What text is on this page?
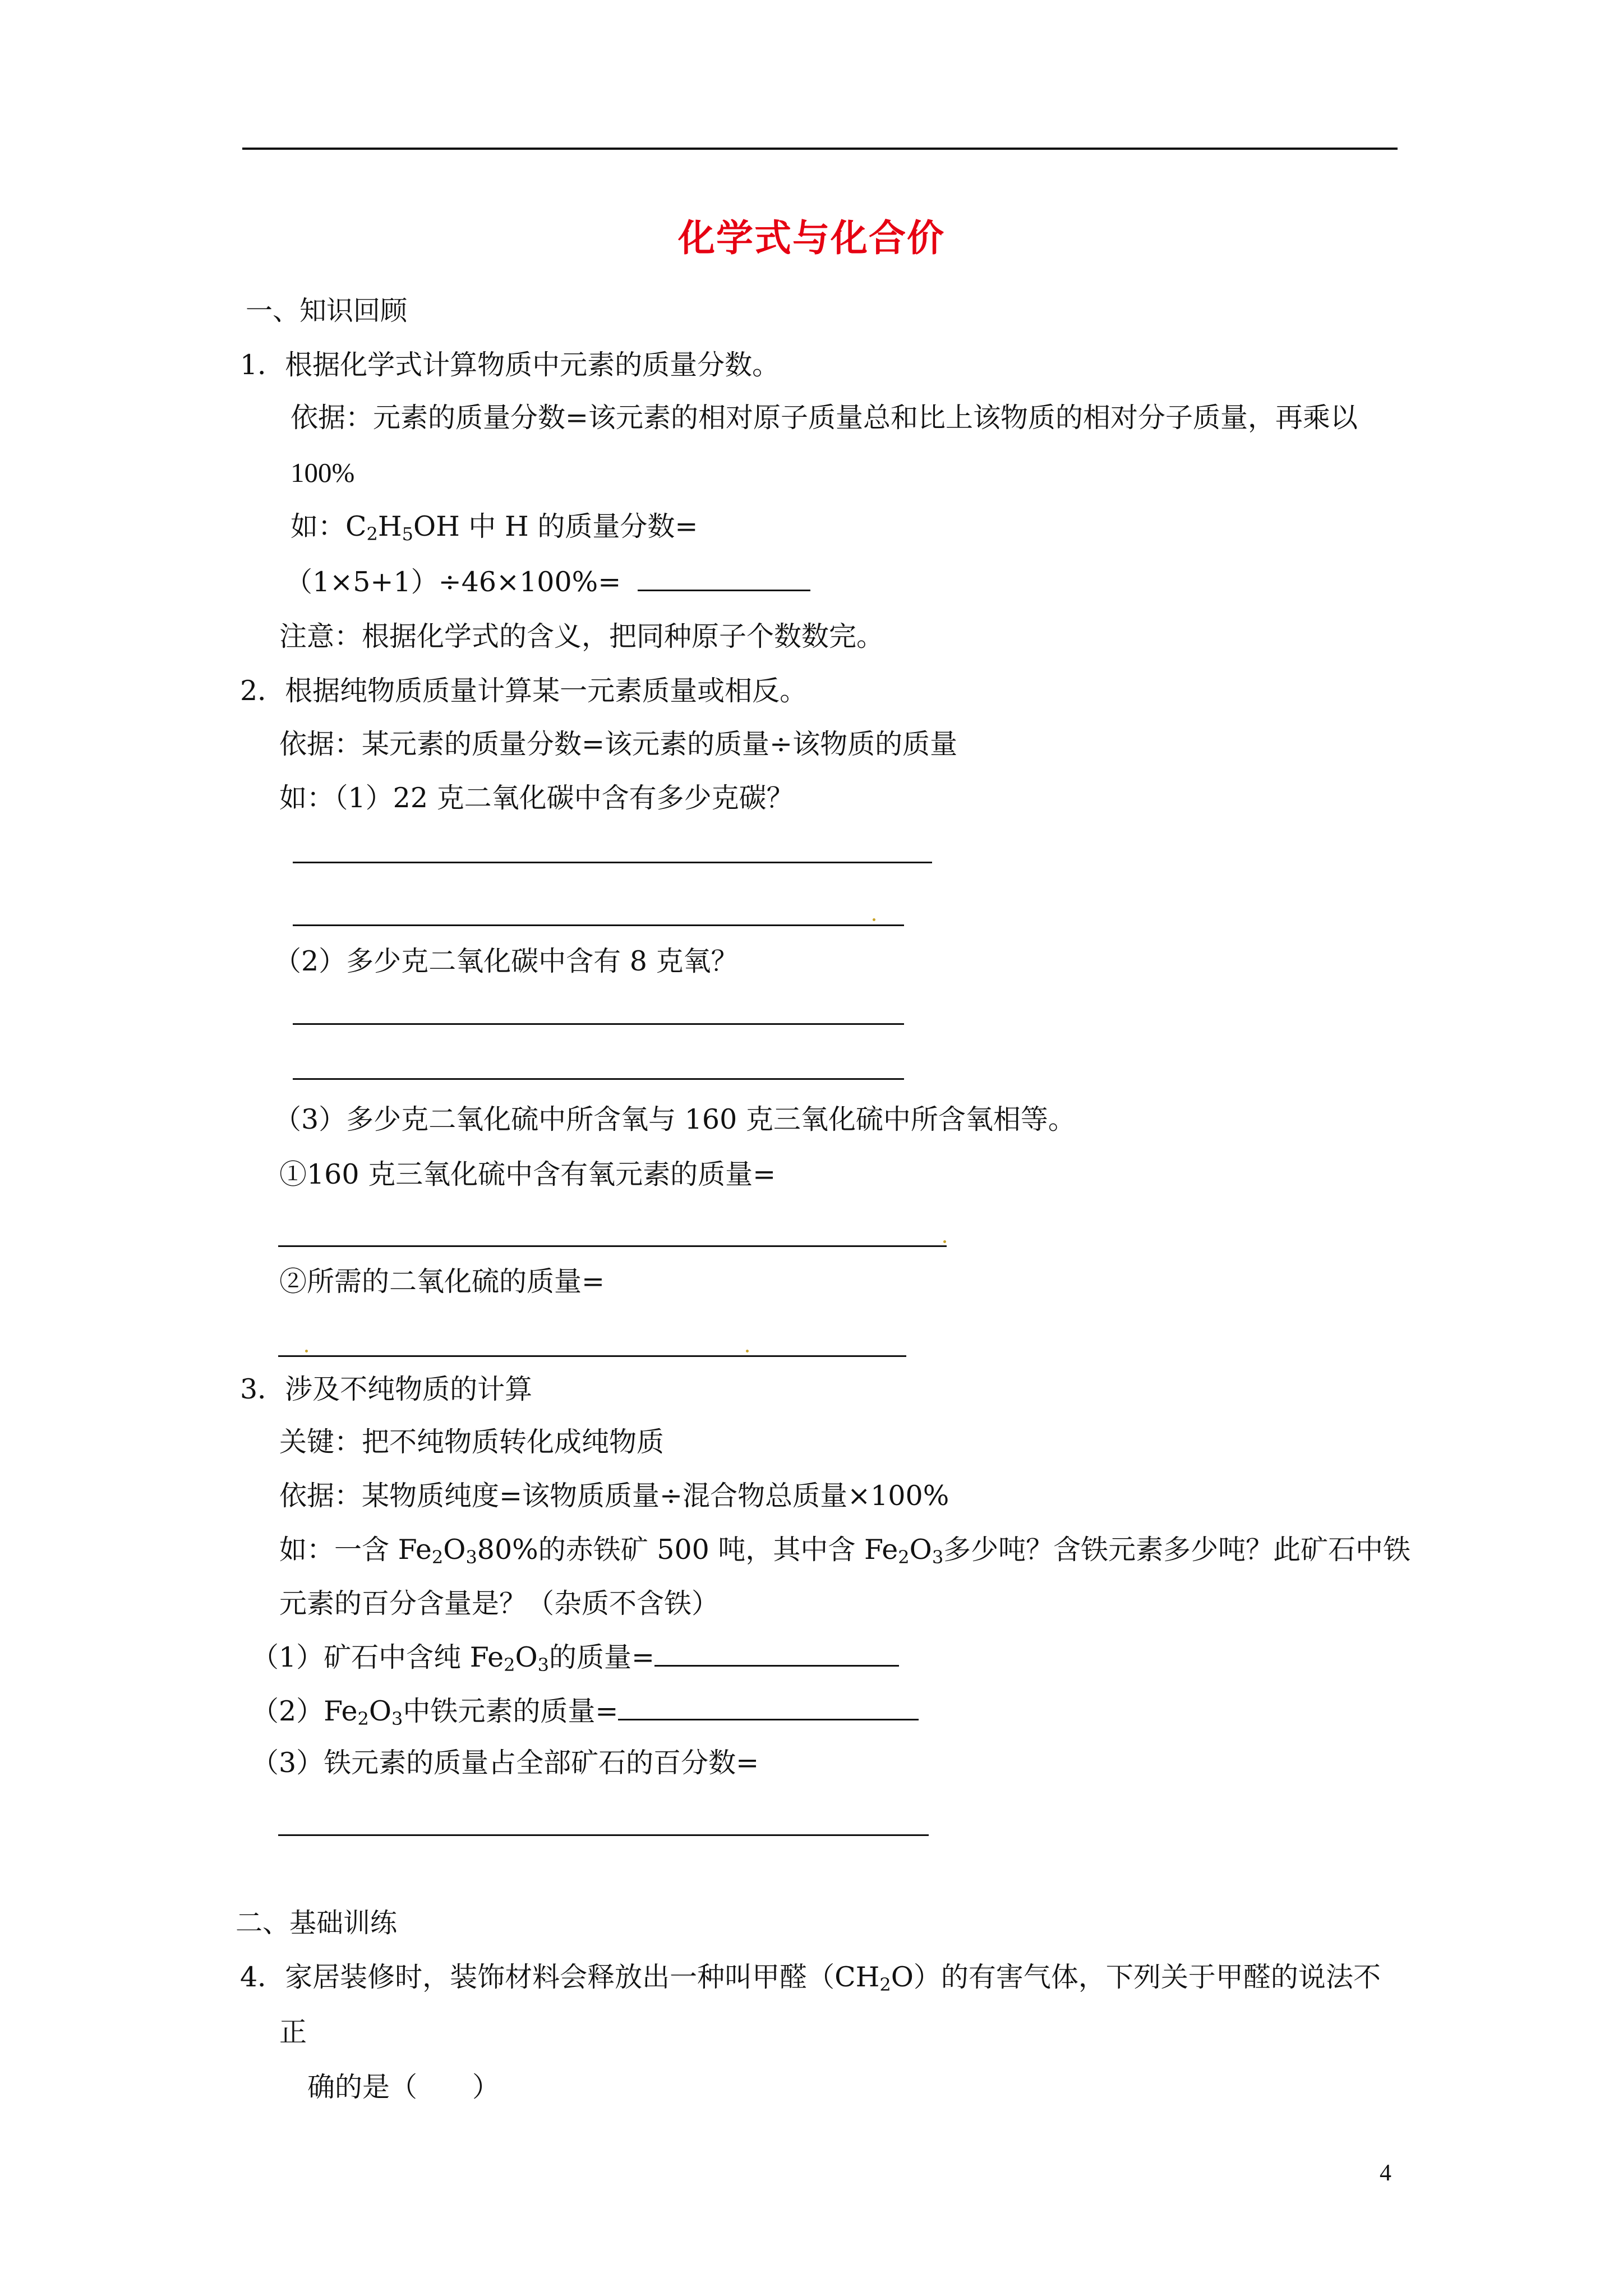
化学式与化合价
一、知识回顾
1．根据化学式计算物质中元素的质量分数。
依据：元素的质量分数=该元素的相对原子质量总和比上该物质的相对分子质量，再乘以
100%
如：$C_2H_5OH$ 中 H 的质量分数=
（1×5+1）÷46×100%=
注意：根据化学式的含义，把同种原子个数数完。
2．根据纯物质质量计算某一元素质量或相反。
依据：某元素的质量分数=该元素的质量÷该物质的质量
如：（1）22 克二氧化碳中含有多少克碳？
（2）多少克二氧化碳中含有 8 克氧？
（3）多少克二氧化硫中所含氧与 160 克三氧化硫中所含氧相等。
①160 克三氧化硫中含有氧元素的质量=
②所需的二氧化硫的质量=
3．涉及不纯物质的计算
关键：把不纯物质转化成纯物质
依据：某物质纯度=该物质质量÷混合物总质量×100%
如：一含 $Fe_2O_380\%$的赤铁矿 500 吨，其中含 $Fe_2O_3$多少吨？含铁元素多少吨？此矿石中铁
元素的百分含量是？（杂质不含铁）
（1）矿石中含纯 $Fe_2O_3$的质量=
$(2)Fe_2O_3$中铁元素的质量=
（3）铁元素的质量占全部矿石的百分数=
二、基础训练
4．家居装修时，装饰材料会释放出一种叫甲醛$(CH_2O)$的有害气体，下列关于甲醛的说法不
正
确的是（　　）
4
